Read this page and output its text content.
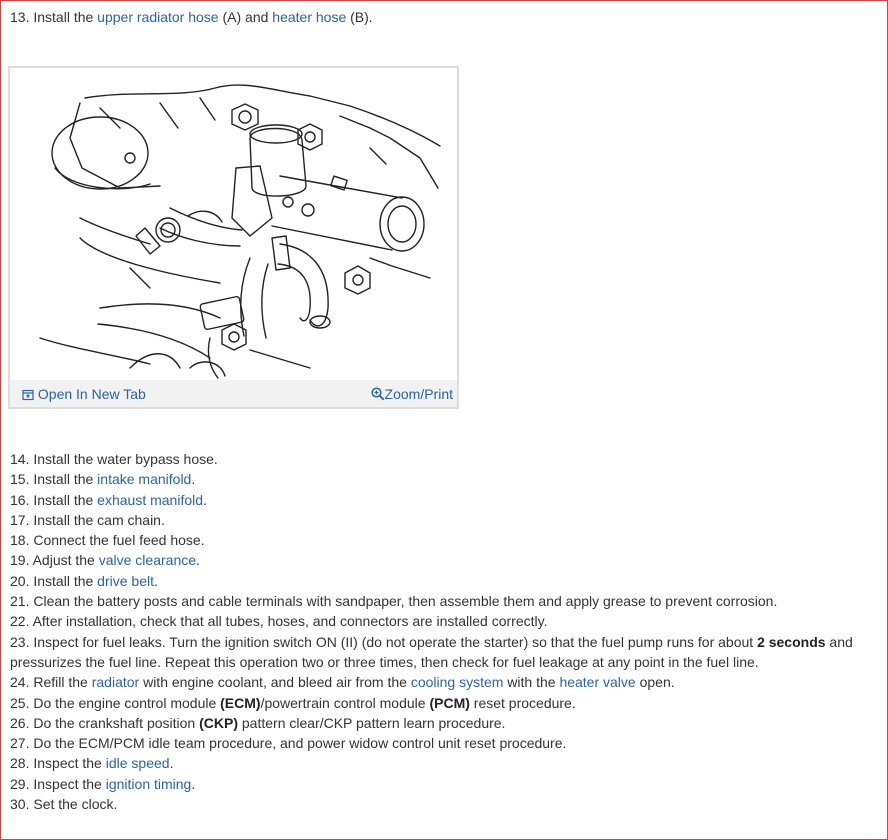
13. Install the upper radiator hose (A) and heater hose (B).
Open In New Tab	Zoom/Print
14. Install the water bypass hose.
15. Install the intake manifold.
16. Install the exhaust manifold.
17. Install the cam chain.
18. Connect the fuel feed hose.
19. Adjust the valve clearance.
20. Install the drive belt.
21. Clean the battery posts and cable terminals with sandpaper, then assemble them and apply grease to prevent corrosion.
22. After installation, check that all tubes, hoses, and connectors are installed correctly.
23. Inspect for fuel leaks. Turn the ignition switch ON (II) (do not operate the starter) so that the fuel pump runs for about 2 seconds and pressurizes the fuel line. Repeat this operation two or three times, then check for fuel leakage at any point in the fuel line.
24. Refill the radiator with engine coolant, and bleed air from the cooling system with the heater valve open.
25. Do the engine control module (ECM)/powertrain control module (PCM) reset procedure.
26. Do the crankshaft position (CKP) pattern clear/CKP pattern learn procedure.
27. Do the ECM/PCM idle team procedure, and power widow control unit reset procedure.
28. Inspect the idle speed.
29. Inspect the ignition timing.
30. Set the clock.
